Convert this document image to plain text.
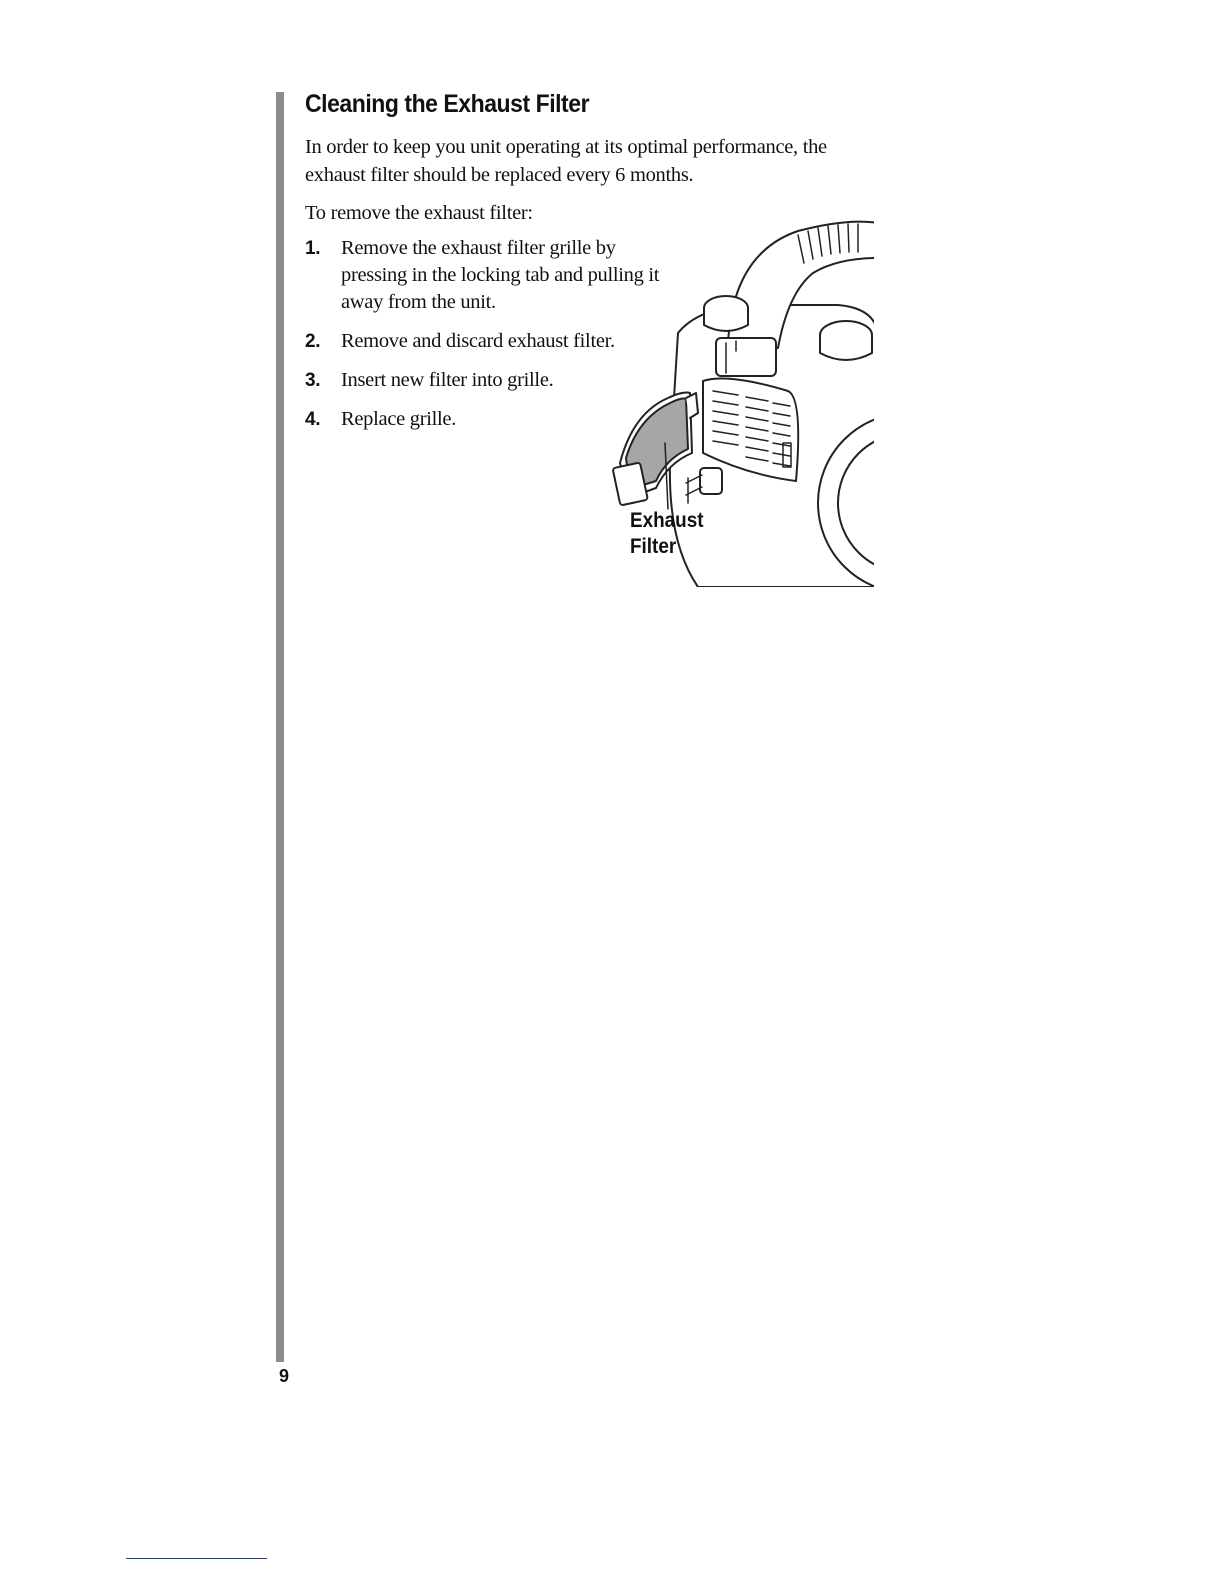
Cleaning the Exhaust Filter

In order to keep you unit operating at its optimal performance, the exhaust filter should be replaced every 6 months.

To remove the exhaust filter:

1.	Remove the exhaust filter grille by pressing in the locking tab and pulling it away from the unit.
2.	Remove and discard exhaust filter.
3.	Insert new filter into grille.
4.	Replace grille.
Exhaust
Filter
9
